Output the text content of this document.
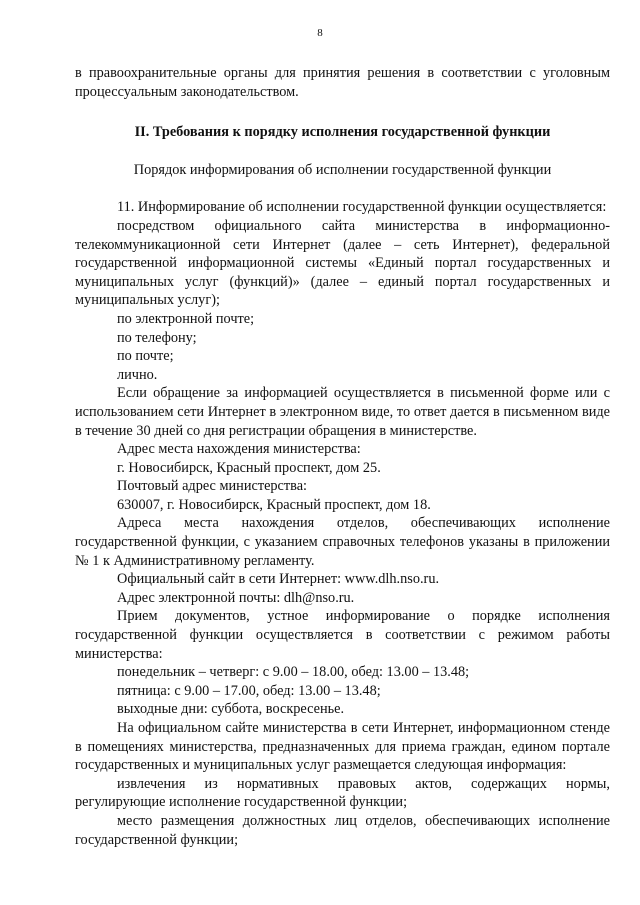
8

в правоохранительные органы для принятия решения в соответствии с уголовным процессуальным законодательством.

II. Требования к порядку исполнения государственной функции

Порядок информирования об исполнении государственной функции

11. Информирование об исполнении государственной функции осуществляется:

посредством официального сайта министерства в информационно-телекоммуникационной сети Интернет (далее – сеть Интернет), федеральной государственной информационной системы «Единый портал государственных и муниципальных услуг (функций)» (далее – единый портал государственных и муниципальных услуг);

по электронной почте;

по телефону;

по почте;

лично.

Если обращение за информацией осуществляется в письменной форме или с использованием сети Интернет в электронном виде, то ответ дается в письменном виде в течение 30 дней со дня регистрации обращения в министерстве.

Адрес места нахождения министерства:

г. Новосибирск, Красный проспект, дом 25.

Почтовый адрес министерства:

630007, г. Новосибирск, Красный проспект, дом 18.

Адреса места нахождения отделов, обеспечивающих исполнение государственной функции, с указанием справочных телефонов указаны в приложении № 1 к Административному регламенту.

Официальный сайт в сети Интернет: www.dlh.nso.ru.

Адрес электронной почты: dlh@nso.ru.

Прием документов, устное информирование о порядке исполнения государственной функции осуществляется в соответствии с режимом работы министерства:

понедельник – четверг: с 9.00 – 18.00, обед: 13.00 – 13.48;

пятница: с 9.00 – 17.00, обед: 13.00 – 13.48;

выходные дни: суббота, воскресенье.

На официальном сайте министерства в сети Интернет, информационном стенде в помещениях министерства, предназначенных для приема граждан, едином портале государственных и муниципальных услуг размещается следующая информация:

извлечения из нормативных правовых актов, содержащих нормы, регулирующие исполнение государственной функции;

место размещения должностных лиц отделов, обеспечивающих исполнение государственной функции;
